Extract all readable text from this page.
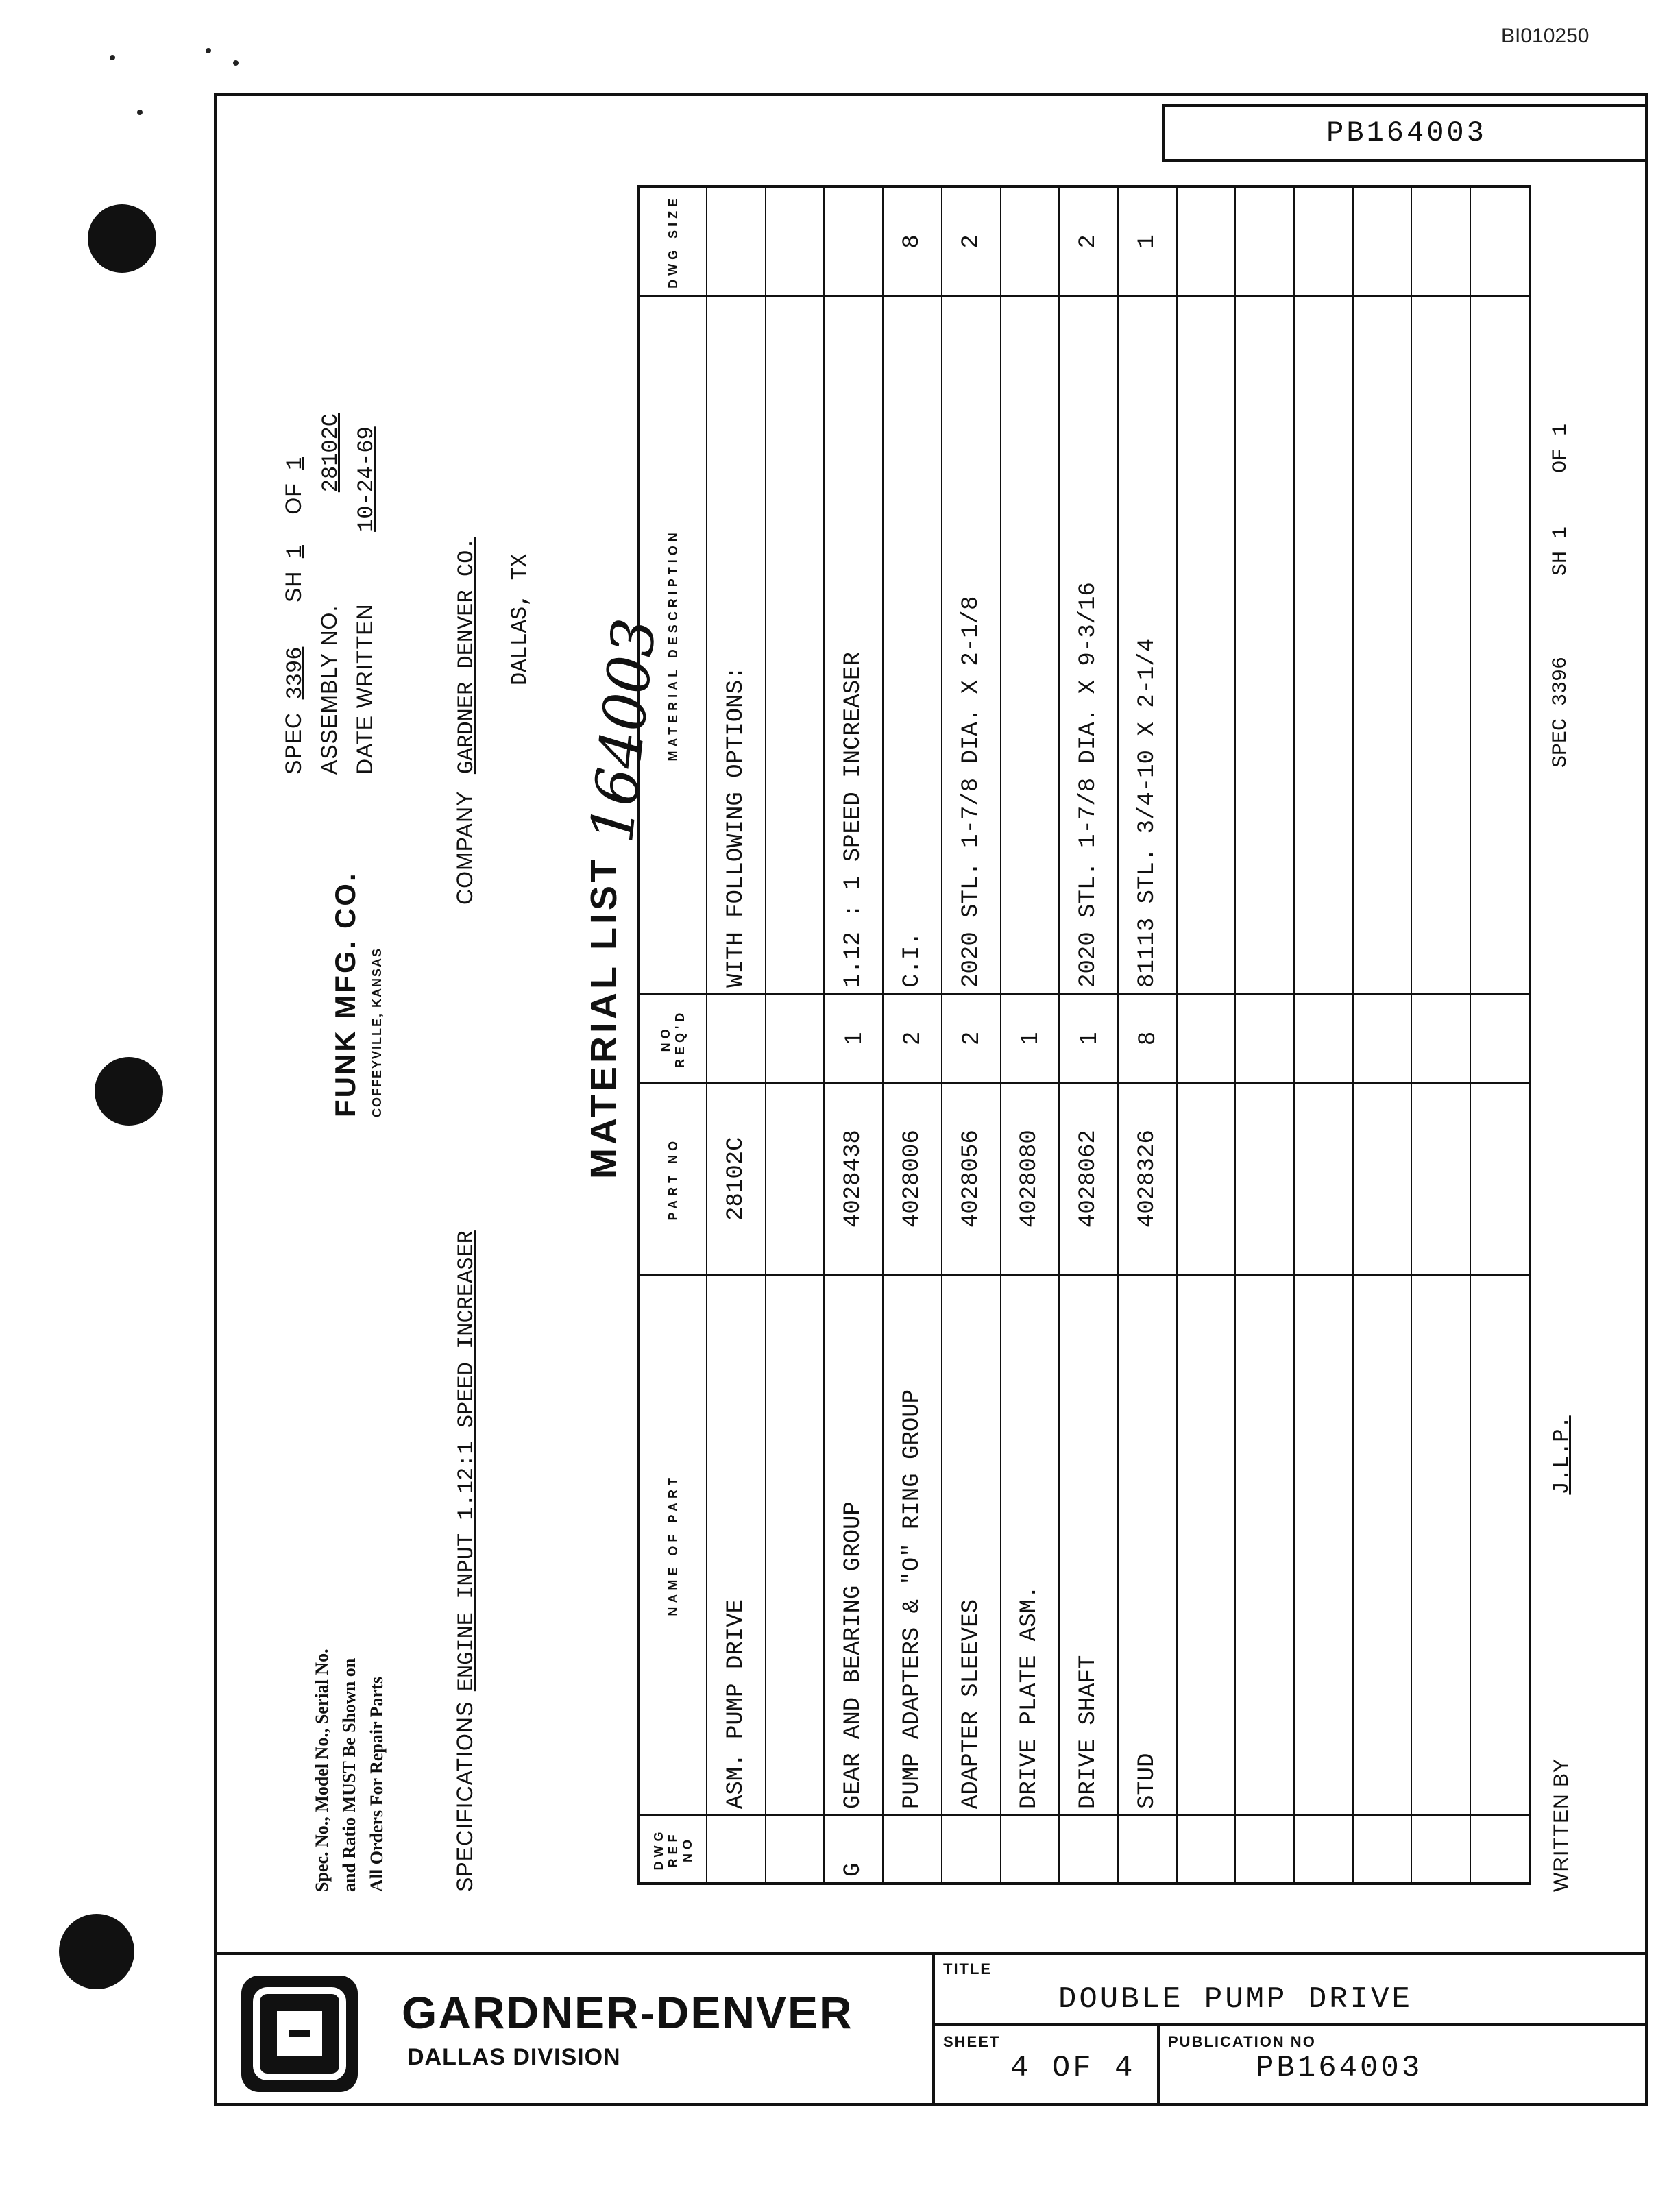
BI010250
PB164003
Spec. No., Model No., Serial No. and Ratio MUST Be Shown on All Orders For Repair Parts
FUNK MFG. CO. COFFEYVILLE, KANSAS
SPEC 3396 SH 1 OF 1
ASSEMBLY NO. 28102C
DATE WRITTEN 10-24-69
SPECIFICATIONS ENGINE INPUT 1.12:1 SPEED INCREASER
COMPANY GARDNER DENVER CO. DALLAS, TX
MATERIAL LIST
164003
DWG REF NO	NAME OF PART	PART NO	NO REQ'D	MATERIAL DESCRIPTION	DWG SIZE
	ASM. PUMP DRIVE	28102C		WITH FOLLOWING OPTIONS:	

G	GEAR AND BEARING GROUP	4028438	1	1.12 : 1 SPEED INCREASER	
	PUMP ADAPTERS & "O" RING GROUP	4028006	2	C.I.	8
	ADAPTER SLEEVES	4028056	2	2020 STL. 1-7/8 DIA. X 2-1/8	2
	DRIVE PLATE ASM.	4028080	1		
	DRIVE SHAFT	4028062	1	2020 STL. 1-7/8 DIA. X 9-3/16	2
	STUD	4028326	8	81113 STL. 3/4-10 X 2-1/4	1

WRITTEN BY J.L.P.
SPEC 3396 SH 1 OF 1
GARDNER-DENVER
DALLAS DIVISION
TITLE
DOUBLE PUMP DRIVE
SHEET
4 OF 4
PUBLICATION NO
PB164003
